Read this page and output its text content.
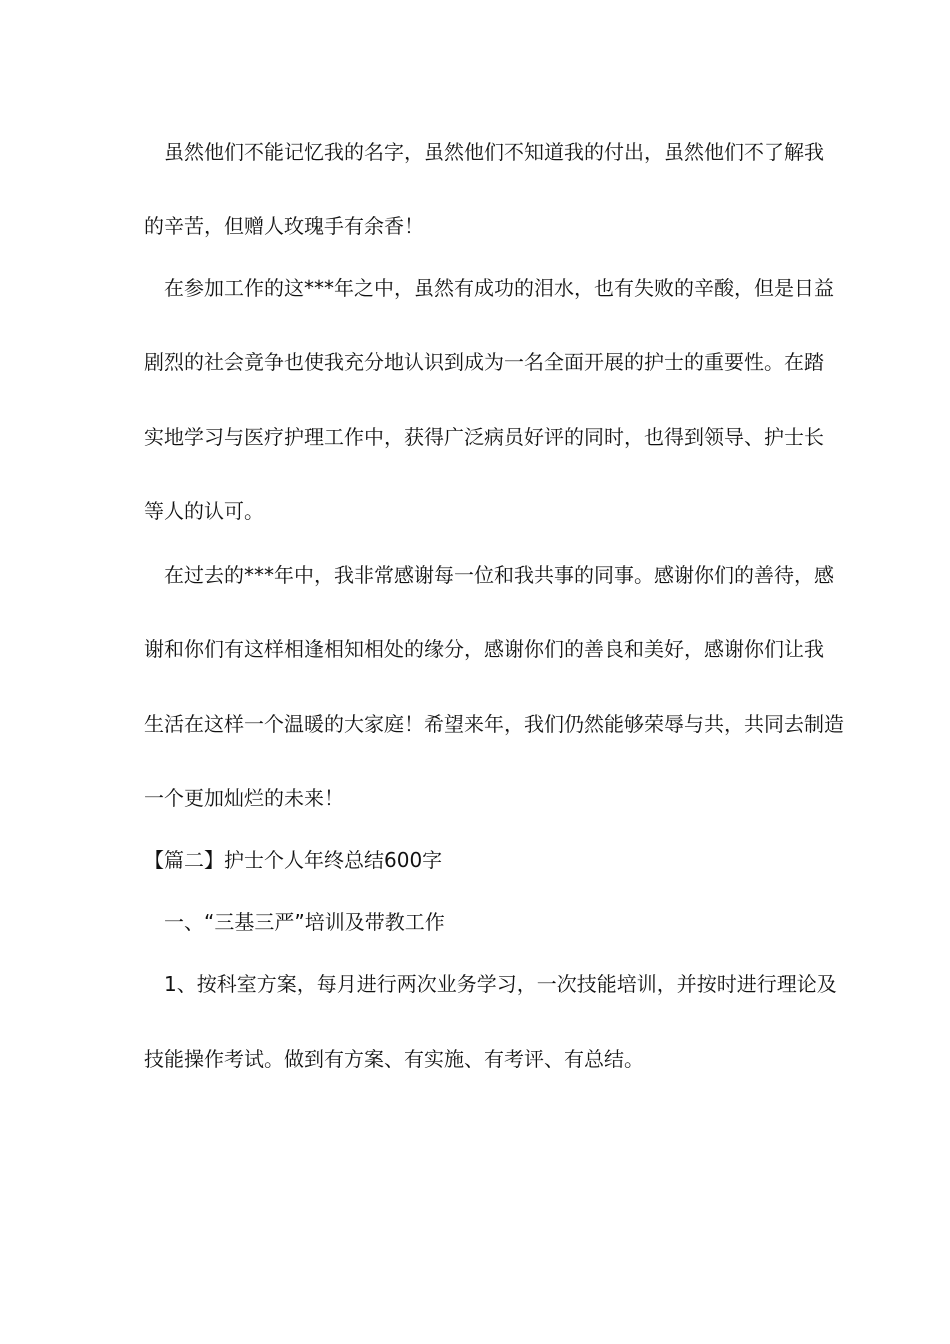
虽然他们不能记忆我的名字，虽然他们不知道我的付出，虽然他们不了解我
的辛苦，但赠人玫瑰手有余香！
在参加工作的这***年之中，虽然有成功的泪水，也有失败的辛酸，但是日益
剧烈的社会竟争也使我充分地认识到成为一名全面开展的护士的重要性。在踏
实地学习与医疗护理工作中，获得广泛病员好评的同时，也得到领导、护士长
等人的认可。
在过去的***年中，我非常感谢每一位和我共事的同事。感谢你们的善待，感
谢和你们有这样相逢相知相处的缘分，感谢你们的善良和美好，感谢你们让我
生活在这样一个温暖的大家庭！希望来年，我们仍然能够荣辱与共，共同去制造
一个更加灿烂的未来！
【篇二】护士个人年终总结600字
一、“三基三严”培训及带教工作
1、按科室方案，每月进行两次业务学习，一次技能培训，并按时进行理论及
技能操作考试。做到有方案、有实施、有考评、有总结。
